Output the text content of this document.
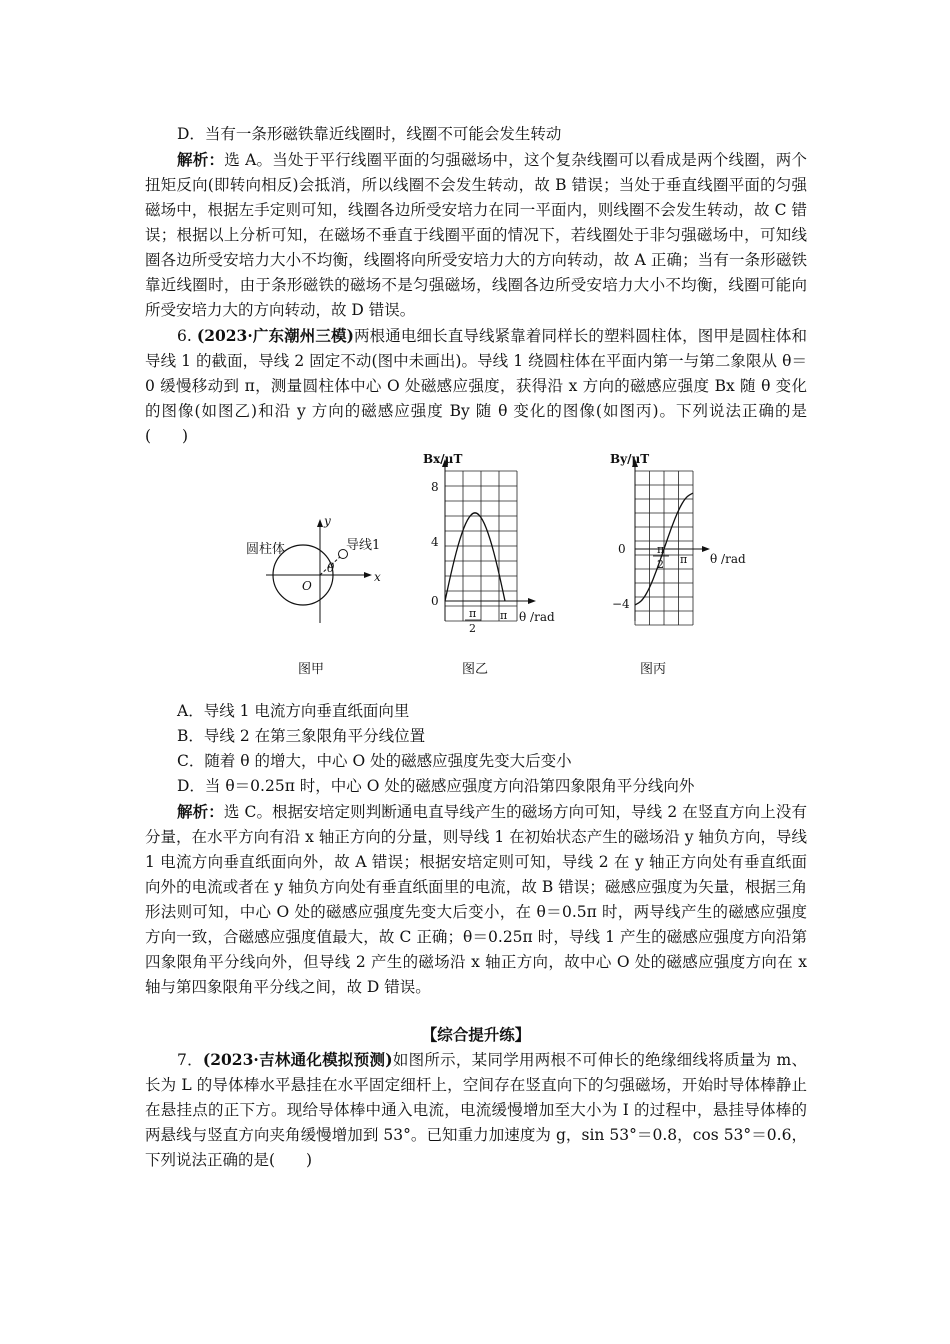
D．当有一条形磁铁靠近线圈时，线圈不可能会发生转动

解析：选 A。当处于平行线圈平面的匀强磁场中，这个复杂线圈可以看成是两个线圈，两个扭矩反向(即转向相反)会抵消，所以线圈不会发生转动，故 B 错误；当处于垂直线圈平面的匀强磁场中，根据左手定则可知，线圈各边所受安培力在同一平面内，则线圈不会发生转动，故 C 错误；根据以上分析可知，在磁场不垂直于线圈平面的情况下，若线圈处于非匀强磁场中，可知线圈各边所受安培力大小不均衡，线圈将向所受安培力大的方向转动，故 A 正确；当有一条形磁铁靠近线圈时，由于条形磁铁的磁场不是匀强磁场，线圈各边所受安培力大小不均衡，线圈可能向所受安培力大的方向转动，故 D 错误。

6. (2023·广东潮州三模)两根通电细长直导线紧靠着同样长的塑料圆柱体，图甲是圆柱体和导线 1 的截面，导线 2 固定不动(图中未画出)。导线 1 绕圆柱体在平面内第一与第二象限从 θ＝0 缓慢移动到 π，测量圆柱体中心 O 处磁感应强度，获得沿 x 方向的磁感应强度 Bx 随 θ 变化的图像(如图乙)和沿 y 方向的磁感应强度 By 随 θ 变化的图像(如图丙)。下列说法正确的是(　　)

圆柱体	导线1
x
y
O
θ
图甲
Bx/μT
8
4
0
π
2
π θ /rad
图乙
By/μT
0
−4
π
2 π θ /rad
图丙

A．导线 1 电流方向垂直纸面向里

B．导线 2 在第三象限角平分线位置

C．随着 θ 的增大，中心 O 处的磁感应强度先变大后变小

D．当 θ＝0.25π 时，中心 O 处的磁感应强度方向沿第四象限角平分线向外

解析：选 C。根据安培定则判断通电直导线产生的磁场方向可知，导线 2 在竖直方向上没有分量，在水平方向有沿 x 轴正方向的分量，则导线 1 在初始状态产生的磁场沿 y 轴负方向，导线 1 电流方向垂直纸面向外，故 A 错误；根据安培定则可知，导线 2 在 y 轴正方向处有垂直纸面向外的电流或者在 y 轴负方向处有垂直纸面里的电流，故 B 错误；磁感应强度为矢量，根据三角形法则可知，中心 O 处的磁感应强度先变大后变小，在 θ＝0.5π 时，两导线产生的磁感应强度方向一致，合磁感应强度值最大，故 C 正确；θ＝0.25π 时，导线 1 产生的磁感应强度方向沿第四象限角平分线向外，但导线 2 产生的磁场沿 x 轴正方向，故中心 O 处的磁感应强度方向在 x 轴与第四象限角平分线之间，故 D 错误。

【综合提升练】

7．(2023·吉林通化模拟预测)如图所示，某同学用两根不可伸长的绝缘细线将质量为 m、长为 L 的导体棒水平悬挂在水平固定细杆上，空间存在竖直向下的匀强磁场，开始时导体棒静止在悬挂点的正下方。现给导体棒中通入电流，电流缓慢增加至大小为 I 的过程中，悬挂导体棒的两悬线与竖直方向夹角缓慢增加到 53°。已知重力加速度为 g，sin 53°＝0.8，cos 53°＝0.6，下列说法正确的是(　　)
